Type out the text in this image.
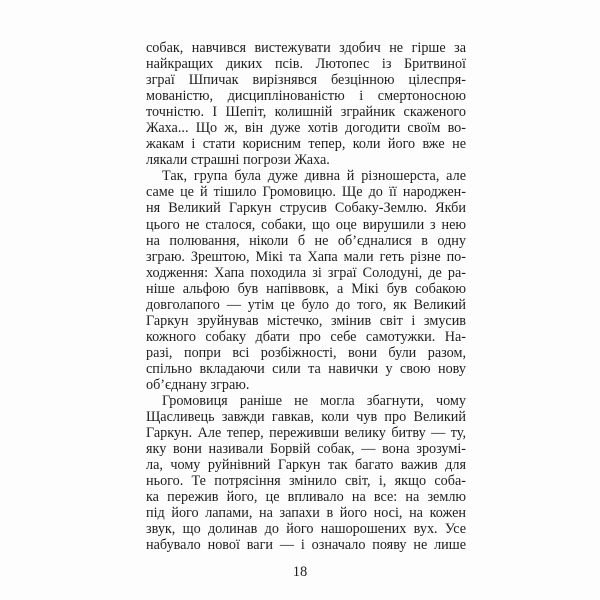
собак, навчився вистежувати здобич не гірше за
найкращих диких псів. Лютопес із Бритвиної
зграї Шпичак вирізнявся безцінною цілеспря-
мованістю, дисциплінованістю і смертоносною
точністю. І Шепіт, колишній зграйник скаженого
Жаха... Що ж, він дуже хотів догодити своїм во-
жакам і стати корисним тепер, коли його вже не
лякали страшні погрози Жаха.
Так, група була дуже дивна й різношерста, але
саме це й тішило Громовицю. Ще до її народжен-
ня Великий Гаркун струсив Собаку-Землю. Якби
цього не сталося, собаки, що оце вирушили з нею
на полювання, ніколи б не об’єдналися в одну
зграю. Зрештою, Мікі та Хапа мали геть різне по-
ходження: Хапа походила зі зграї Солодуні, де ра-
ніше альфою був напіввовк, а Мікі був собакою
довголапого — утім це було до того, як Великий
Гаркун зруйнував містечко, змінив світ і змусив
кожного собаку дбати про себе самотужки. На-
разі, попри всі розбіжності, вони були разом,
спільно вкладаючи сили та навички у свою нову
об’єднану зграю.
Громовиця раніше не могла збагнути, чому
Щасливець завжди гавкав, коли чув про Великий
Гаркун. Але тепер, переживши велику битву — ту,
яку вони називали Борвій собак, — вона зрозумі-
ла, чому руйнівний Гаркун так багато важив для
нього. Те потрясіння змінило світ, і, якщо соба-
ка пережив його, це впливало на все: на землю
під його лапами, на запахи в його носі, на кожен
звук, що долинав до його нашорошених вух. Усе
набувало нової ваги — і означало появу не лише
18
